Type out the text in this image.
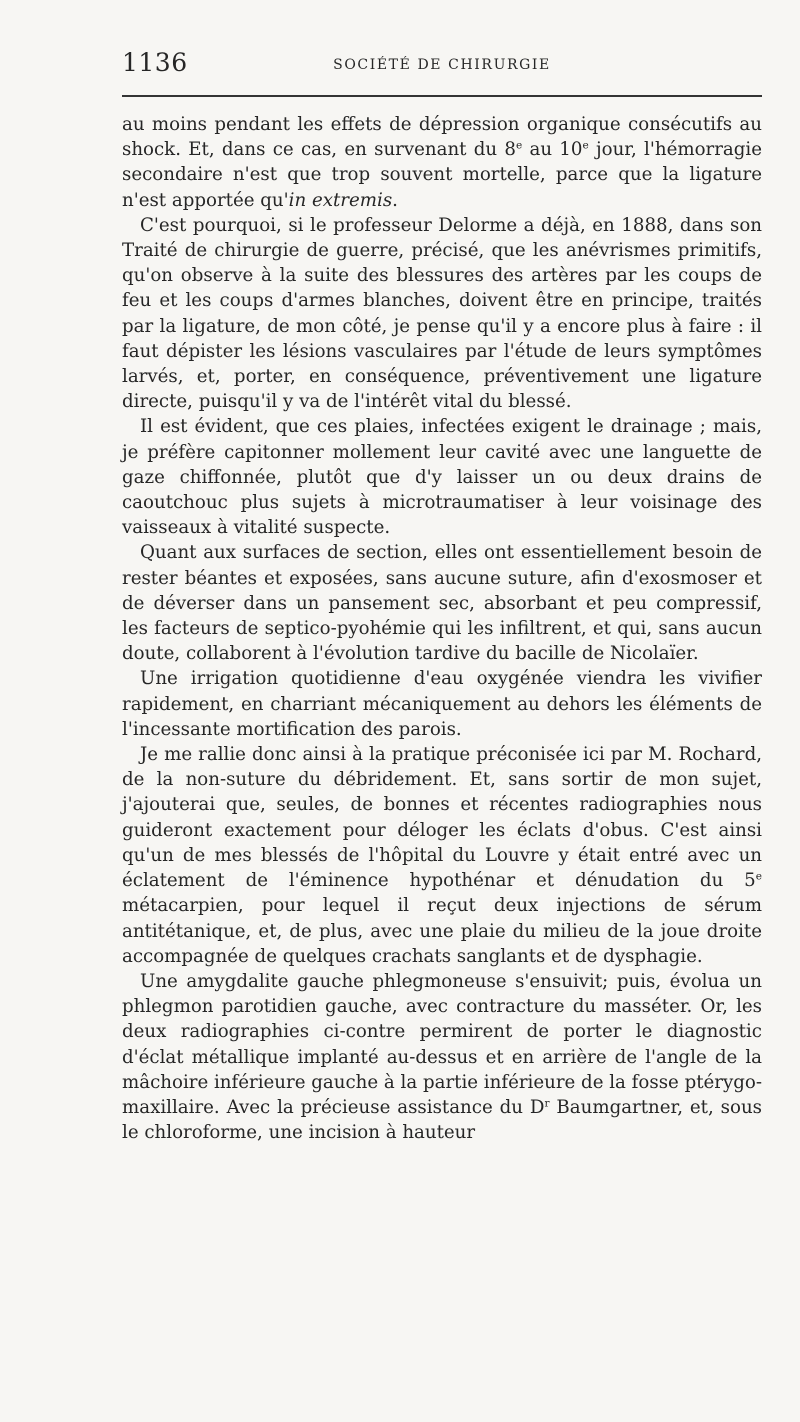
1136	SOCIÉTÉ DE CHIRURGIE

au moins pendant les effets de dépression organique consécutifs au shock. Et, dans ce cas, en survenant du 8e au 10e jour, l'hémorragie secondaire n'est que trop souvent mortelle, parce que la ligature n'est apportée qu'in extremis.

C'est pourquoi, si le professeur Delorme a déjà, en 1888, dans son Traité de chirurgie de guerre, précisé, que les anévrismes primitifs, qu'on observe à la suite des blessures des artères par les coups de feu et les coups d'armes blanches, doivent être en principe, traités par la ligature, de mon côté, je pense qu'il y a encore plus à faire : il faut dépister les lésions vasculaires par l'étude de leurs symptômes larvés, et, porter, en conséquence, préventivement une ligature directe, puisqu'il y va de l'intérêt vital du blessé.

Il est évident, que ces plaies, infectées exigent le drainage ; mais, je préfère capitonner mollement leur cavité avec une languette de gaze chiffonnée, plutôt que d'y laisser un ou deux drains de caoutchouc plus sujets à microtraumatiser à leur voisinage des vaisseaux à vitalité suspecte.

Quant aux surfaces de section, elles ont essentiellement besoin de rester béantes et exposées, sans aucune suture, afin d'exosmoser et de déverser dans un pansement sec, absorbant et peu compressif, les facteurs de septico-pyohémie qui les infiltrent, et qui, sans aucun doute, collaborent à l'évolution tardive du bacille de Nicolaïer.

Une irrigation quotidienne d'eau oxygénée viendra les vivifier rapidement, en charriant mécaniquement au dehors les éléments de l'incessante mortification des parois.

Je me rallie donc ainsi à la pratique préconisée ici par M. Rochard, de la non-suture du débridement. Et, sans sortir de mon sujet, j'ajouterai que, seules, de bonnes et récentes radiographies nous guideront exactement pour déloger les éclats d'obus. C'est ainsi qu'un de mes blessés de l'hôpital du Louvre y était entré avec un éclatement de l'éminence hypothénar et dénudation du 5e métacarpien, pour lequel il reçut deux injections de sérum antitétanique, et, de plus, avec une plaie du milieu de la joue droite accompagnée de quelques crachats sanglants et de dysphagie.

Une amygdalite gauche phlegmoneuse s'ensuivit; puis, évolua un phlegmon parotidien gauche, avec contracture du masséter. Or, les deux radiographies ci-contre permirent de porter le diagnostic d'éclat métallique implanté au-dessus et en arrière de l'angle de la mâchoire inférieure gauche à la partie inférieure de la fosse ptérygo-maxillaire. Avec la précieuse assistance du $D^r$ Baumgartner, et, sous le chloroforme, une incision à hauteur
